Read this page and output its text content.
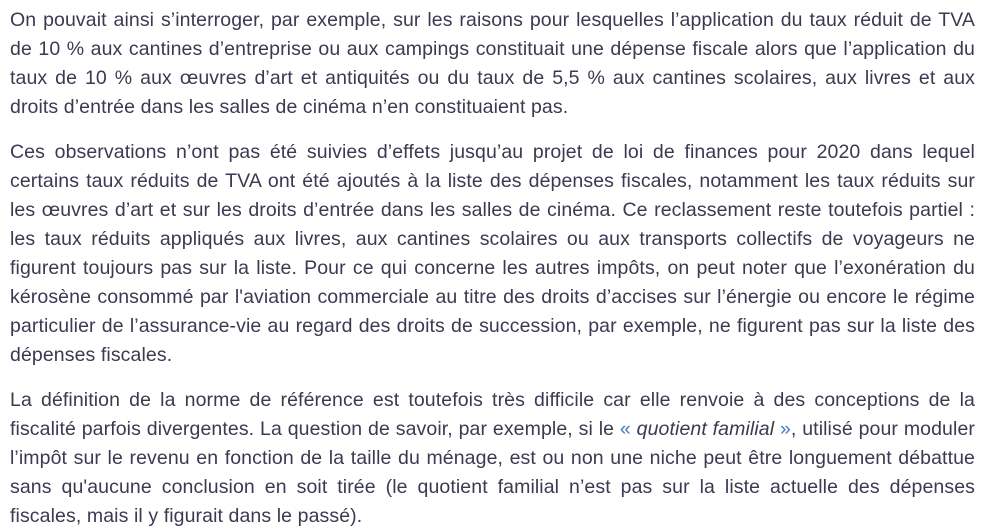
On pouvait ainsi s’interroger, par exemple, sur les raisons pour lesquelles l’application du taux réduit de TVA de 10 % aux cantines d’entreprise ou aux campings constituait une dépense fiscale alors que l’application du taux de 10 % aux œuvres d’art et antiquités ou du taux de 5,5 % aux cantines scolaires, aux livres et aux droits d’entrée dans les salles de cinéma n’en constituaient pas.

Ces observations n’ont pas été suivies d’effets jusqu’au projet de loi de finances pour 2020 dans lequel certains taux réduits de TVA ont été ajoutés à la liste des dépenses fiscales, notamment les taux réduits sur les œuvres d’art et sur les droits d’entrée dans les salles de cinéma. Ce reclassement reste toutefois partiel : les taux réduits appliqués aux livres, aux cantines scolaires ou aux transports collectifs de voyageurs ne figurent toujours pas sur la liste. Pour ce qui concerne les autres impôts, on peut noter que l’exonération du kérosène consommé par l'aviation commerciale au titre des droits d’accises sur l’énergie ou encore le régime particulier de l’assurance-vie au regard des droits de succession, par exemple, ne figurent pas sur la liste des dépenses fiscales.

La définition de la norme de référence est toutefois très difficile car elle renvoie à des conceptions de la fiscalité parfois divergentes. La question de savoir, par exemple, si le « quotient familial », utilisé pour moduler l’impôt sur le revenu en fonction de la taille du ménage, est ou non une niche peut être longuement débattue sans qu'aucune conclusion en soit tirée (le quotient familial n’est pas sur la liste actuelle des dépenses fiscales, mais il y figurait dans le passé).
